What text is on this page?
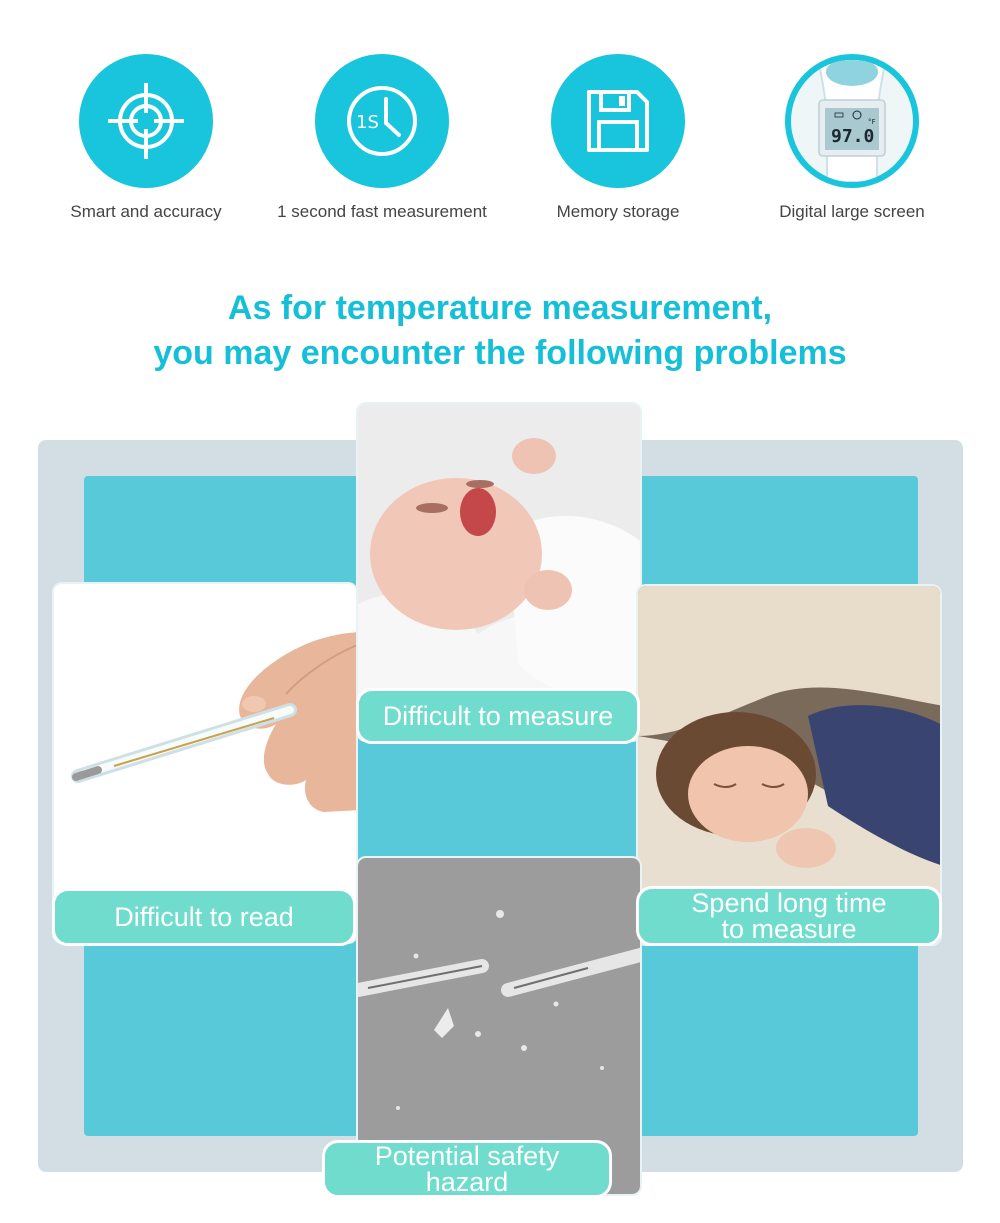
Smart and accuracy
1S
1 second fast measurement	Memory storage
97.0
°F
Digital large screen
As for temperature measurement,
you may encounter the following problems
Difficult to read
Difficult to measure
Spend long time
to measure
Potential safety
hazard
